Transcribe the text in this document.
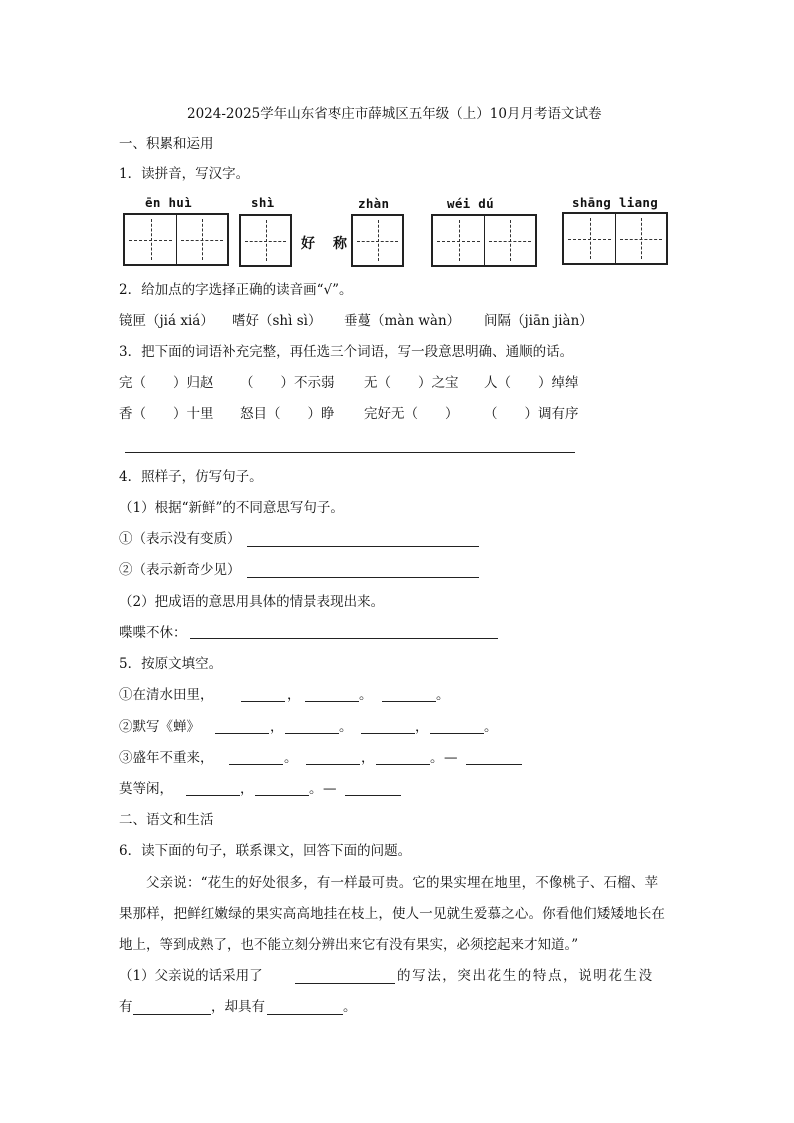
2024-2025学年山东省枣庄市薛城区五年级（上）10月月考语文试卷
一、积累和运用
1．读拼音，写汉字。
ēn huì	shì	zhàn	wéi dú	shāng liang
好 称
2．给加点的字选择正确的读音画“√”。
镜匣（jiá xiá） 嗜好（shì sì） 垂蔓（màn wàn） 间隔（jiān jiàn）
3．把下面的词语补充完整，再任选三个词语，写一段意思明确、通顺的话。
完（　　）归赵 （　　）不示弱 无（　　）之宝 人（　　）绰绰
香（　　）十里 怒目（　　）睁 完好无（　　） （　　）调有序
4．照样子，仿写句子。
（1）根据“新鲜”的不同意思写句子。
①（表示没有变质）
②（表示新奇少见）
（2）把成语的意思用具体的情景表现出来。
喋喋不休：
5．按原文填空。
①在清水田里，	，	。	。
②默写《蝉》	，	。	，	。
③盛年不重来，	。	，	。 —
莫等闲，	，	。 —
二、语文和生活
6．读下面的句子，联系课文，回答下面的问题。
父亲说：“花生的好处很多，有一样最可贵。它的果实埋在地里，不像桃子、石榴、苹
果那样，把鲜红嫩绿的果实高高地挂在枝上，使人一见就生爱慕之心。你看他们矮矮地长在
地上，等到成熟了，也不能立刻分辨出来它有没有果实，必须挖起来才知道。”
（1）父亲说的话采用了	的写法，突出花生的特点，说明花生没
有	，却具有	。
